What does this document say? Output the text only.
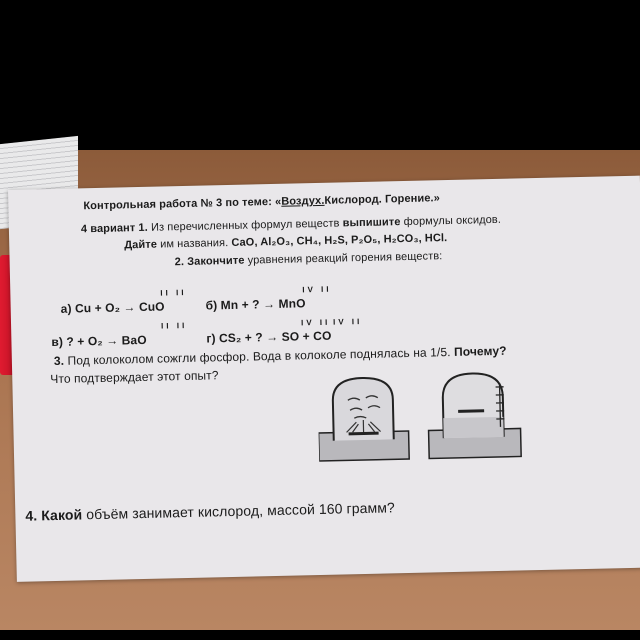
Контрольная работа № 3 по теме: «Воздух.Кислород. Горение.»
4 вариант 1. Из перечисленных формул веществ выпишите формулы оксидов.
Дайте им названия. CaO, Al₂O₃, CH₄, H₂S, P₂O₅, H₂CO₃, HCl.
2. Закончите уравнения реакций горения веществ:
II II
а) Cu + O₂ → CuO
IV II
б) Mn + ? → MnO
II II
в) ? + O₂ → BaO
IV II IV II
г) CS₂ + ? → SO + CO
3. Под колоколом сожгли фосфор. Вода в колоколе поднялась на 1/5. Почему?
Что подтверждает этот опыт?
4. Какой объём занимает кислород, массой 160 грамм?
